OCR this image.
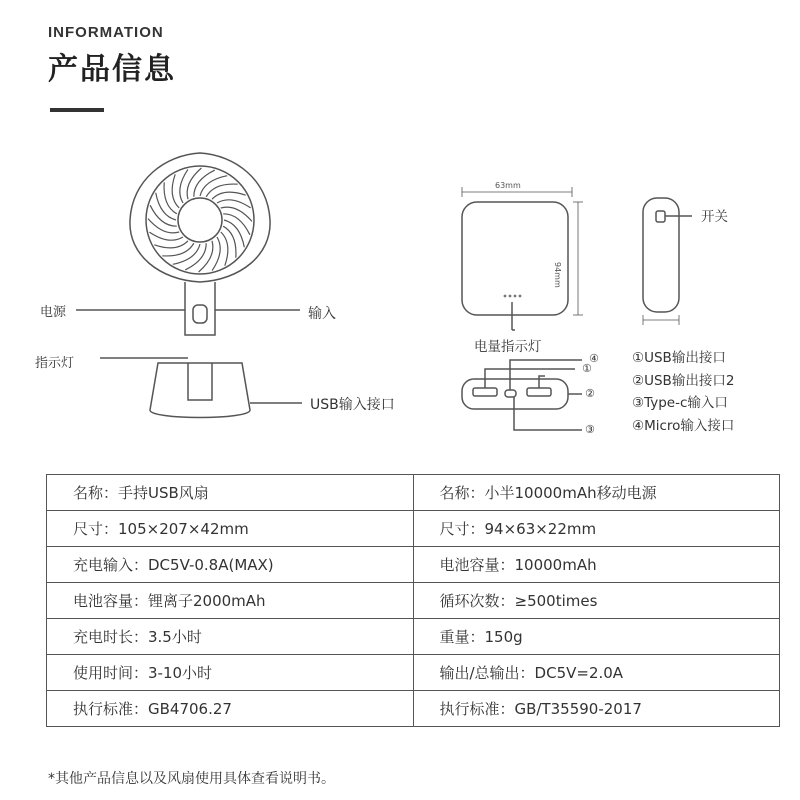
INFORMATION
产品信息
电源	输入
指示灯
USB输入接口
63mm
94mm
电量指示灯
开关
④
①
②
③
①USB输出接口
②USB输出接口2
③Type-c输入口
④Micro输入接口
名称：手持USB风扇	名称：小半10000mAh移动电源
尺寸：105×207×42mm	尺寸：94×63×22mm
充电输入：DC5V-0.8A(MAX)	电池容量：10000mAh
电池容量：锂离子2000mAh	循环次数：≥500times
充电时长：3.5小时	重量：150g
使用时间：3-10小时	输出/总输出：DC5V=2.0A
执行标准：GB4706.27	执行标准：GB/T35590-2017
*其他产品信息以及风扇使用具体查看说明书。
